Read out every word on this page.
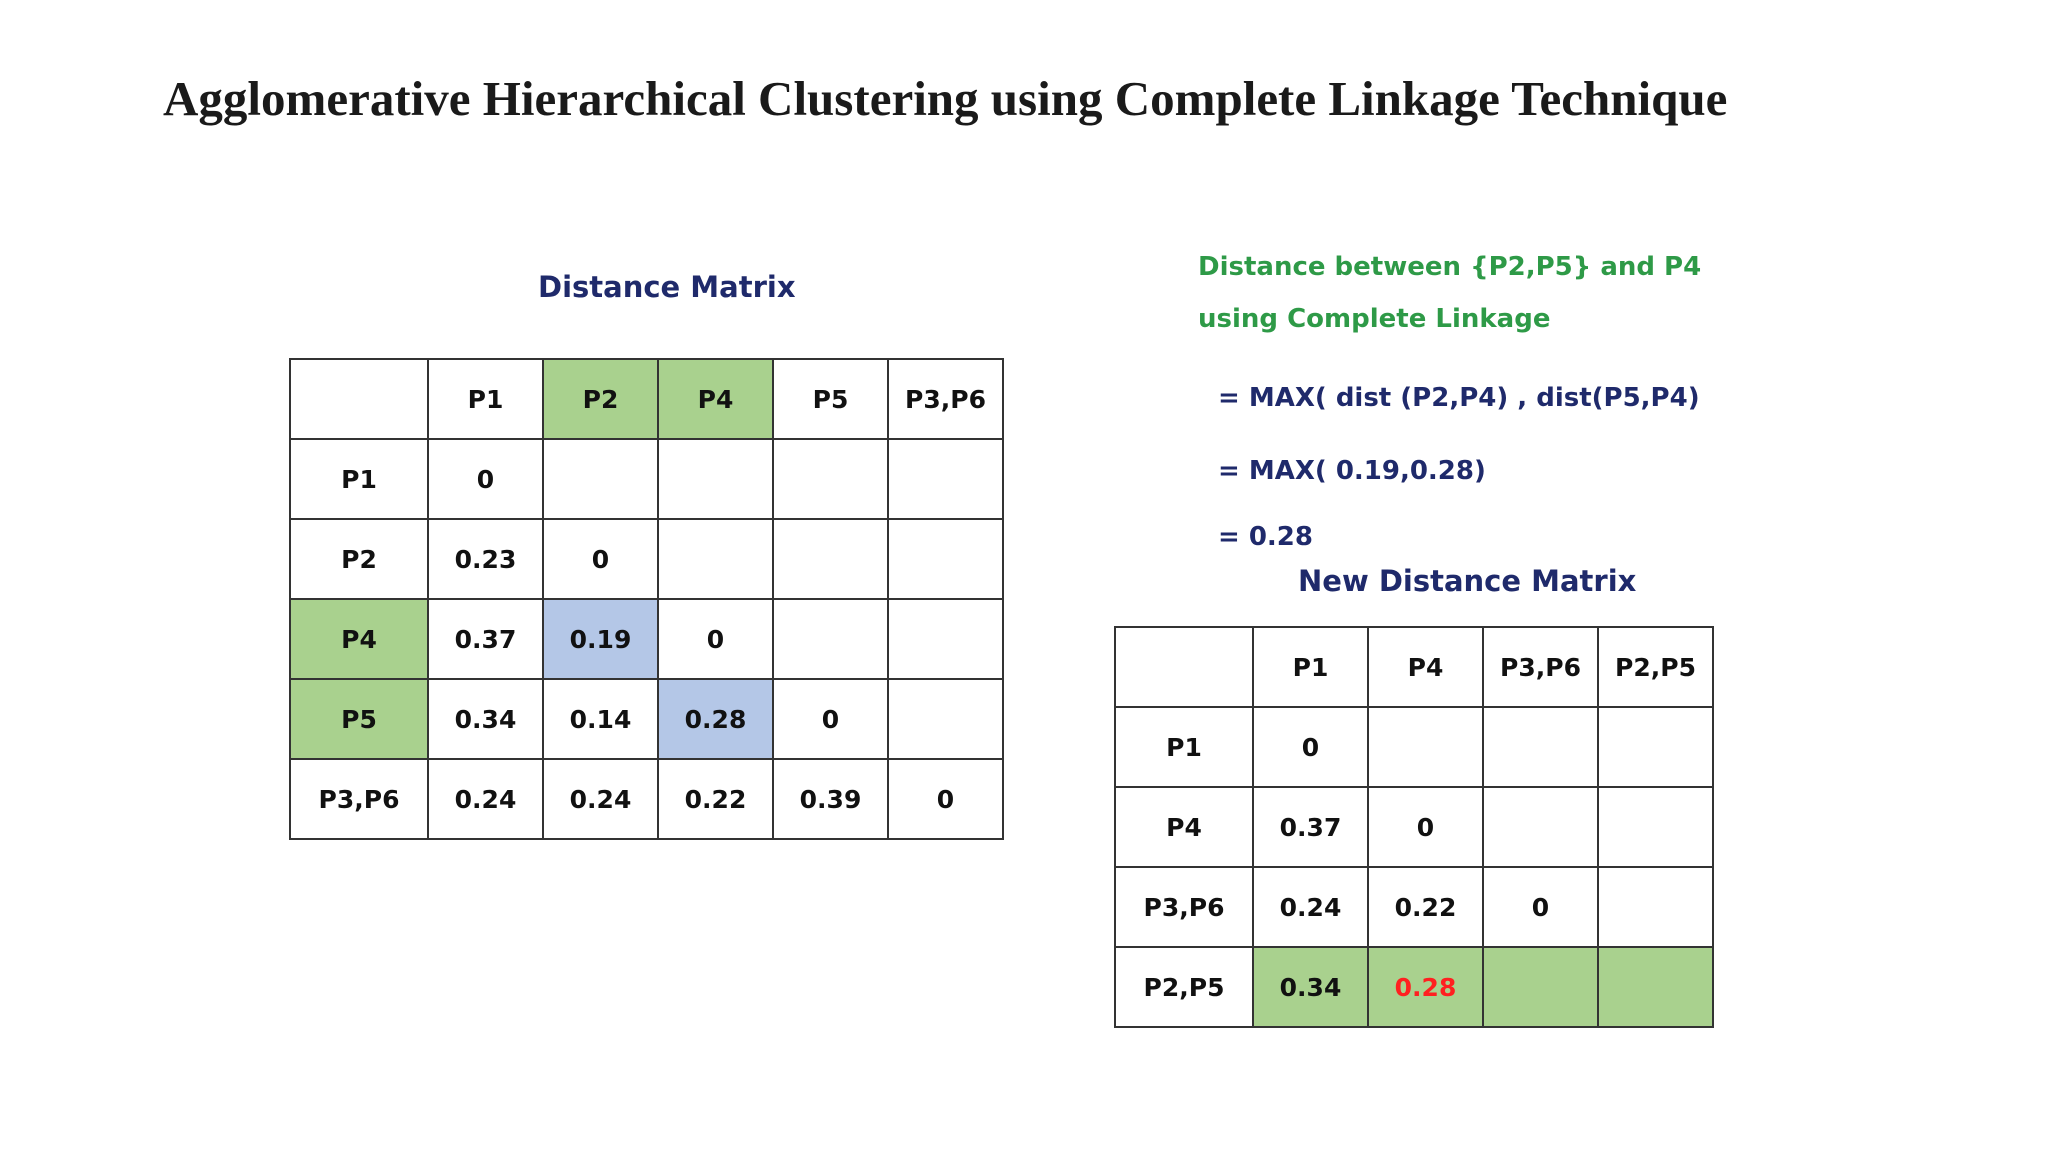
Agglomerative Hierarchical Clustering using Complete Linkage Technique
Distance Matrix
	P1	P2	P4	P5	P3,P6
P1	0				
P2	0.23	0			
P4	0.37	0.19	0		
P5	0.34	0.14	0.28	0	
P3,P6	0.24	0.24	0.22	0.39	0

Distance between {P2,P5} and P4

using Complete Linkage

= MAX( dist (P2,P4) , dist(P5,P4)

= MAX( 0.19,0.28)

= 0.28

New Distance Matrix
	P1	P4	P3,P6	P2,P5
P1	0			
P4	0.37	0		
P3,P6	0.24	0.22	0	
P2,P5	0.34	0.28		
